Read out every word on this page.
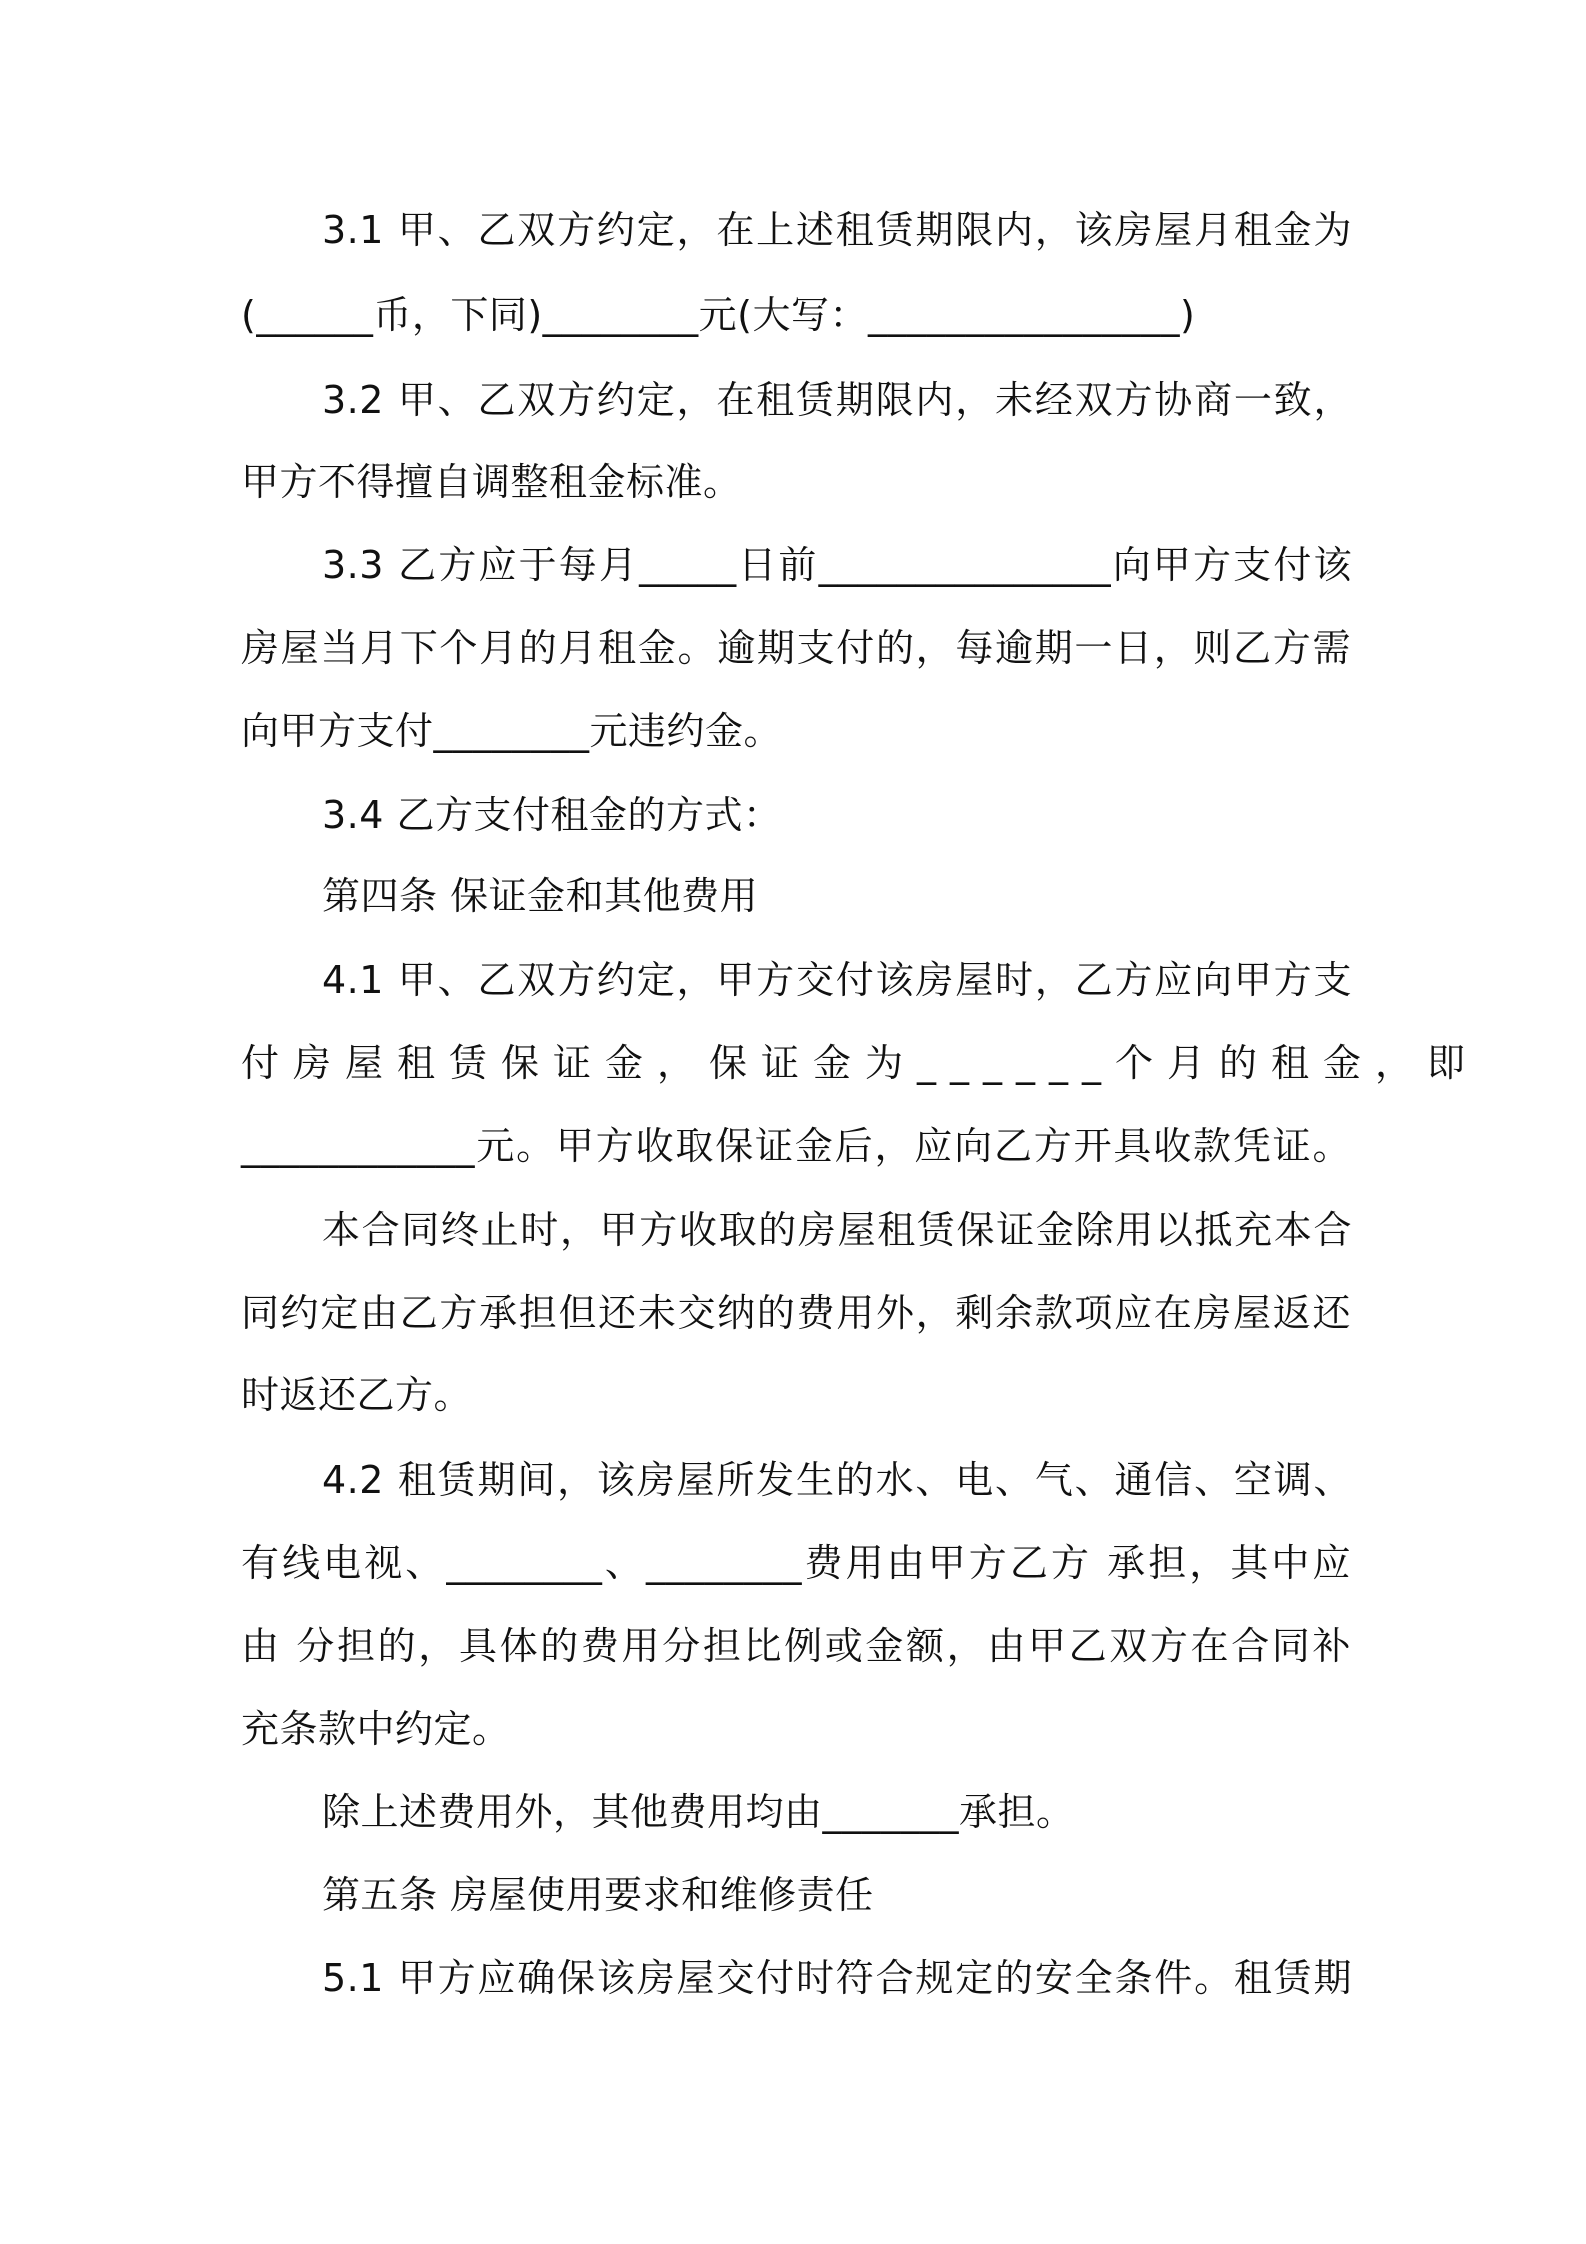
3.1 甲、乙双方约定，在上述租赁期限内，该房屋月租金为
(______币，下同)________元(大写：________________)
3.2 甲、乙双方约定，在租赁期限内，未经双方协商一致，
甲方不得擅自调整租金标准。
3.3 乙方应于每月_____日前_______________向甲方支付该
房屋当月下个月的月租金。逾期支付的，每逾期一日，则乙方需
向甲方支付________元违约金。
3.4 乙方支付租金的方式：
第四条 保证金和其他费用
4.1 甲、乙双方约定，甲方交付该房屋时，乙方应向甲方支
付房屋租赁保证金，保证金为______个月的租金，即
____________元。甲方收取保证金后，应向乙方开具收款凭证。
本合同终止时，甲方收取的房屋租赁保证金除用以抵充本合
同约定由乙方承担但还未交纳的费用外，剩余款项应在房屋返还
时返还乙方。
4.2 租赁期间，该房屋所发生的水、电、气、通信、空调、
有线电视、________、________费用由甲方乙方 承担，其中应
由 分担的，具体的费用分担比例或金额，由甲乙双方在合同补
充条款中约定。
除上述费用外，其他费用均由_______承担。
第五条 房屋使用要求和维修责任
5.1 甲方应确保该房屋交付时符合规定的安全条件。租赁期
